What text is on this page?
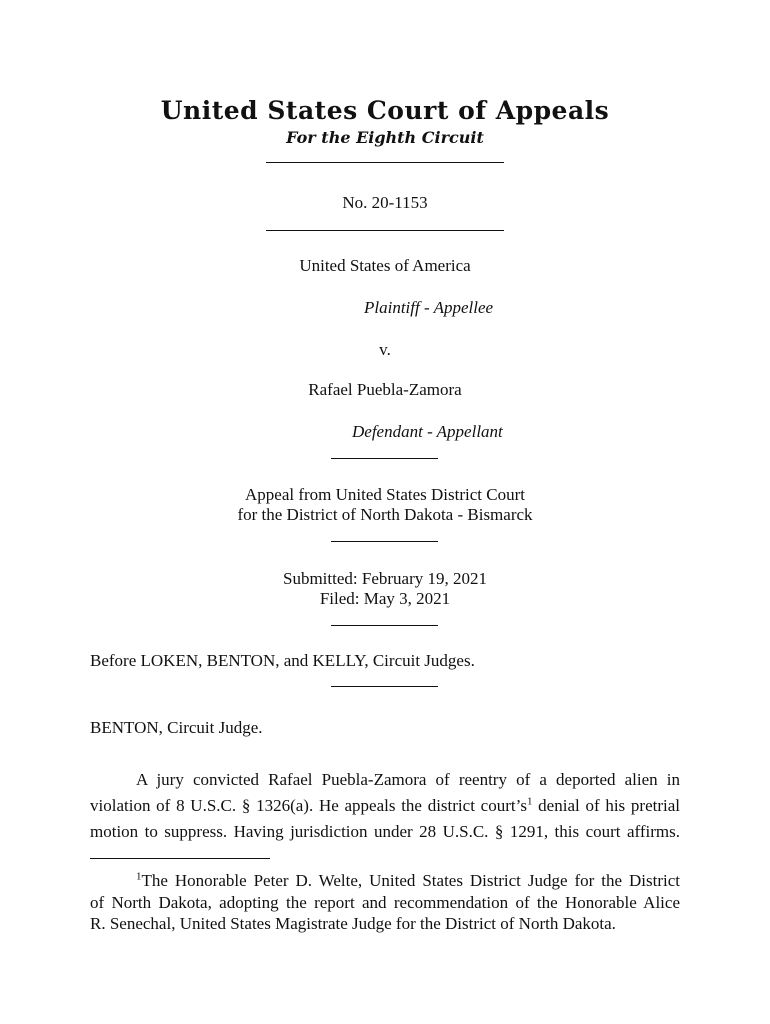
United States Court of Appeals
For the Eighth Circuit
No. 20-1153
United States of America
Plaintiff - Appellee
v.
Rafael Puebla-Zamora
Defendant - Appellant
Appeal from United States District Court
for the District of North Dakota - Bismarck
Submitted: February 19, 2021
Filed: May 3, 2021
Before LOKEN, BENTON, and KELLY, Circuit Judges.
BENTON, Circuit Judge.
A jury convicted Rafael Puebla-Zamora of reentry of a deported alien in
violation of 8 U.S.C. § 1326(a). He appeals the district $court’s^1$ denial of his pretrial
motion to suppress. Having jurisdiction under 28 U.S.C. § 1291, this court affirms.
$^1$The Honorable Peter D. Welte, United States District Judge for the District
of North Dakota, adopting the report and recommendation of the Honorable Alice
R. Senechal, United States Magistrate Judge for the District of North Dakota.
